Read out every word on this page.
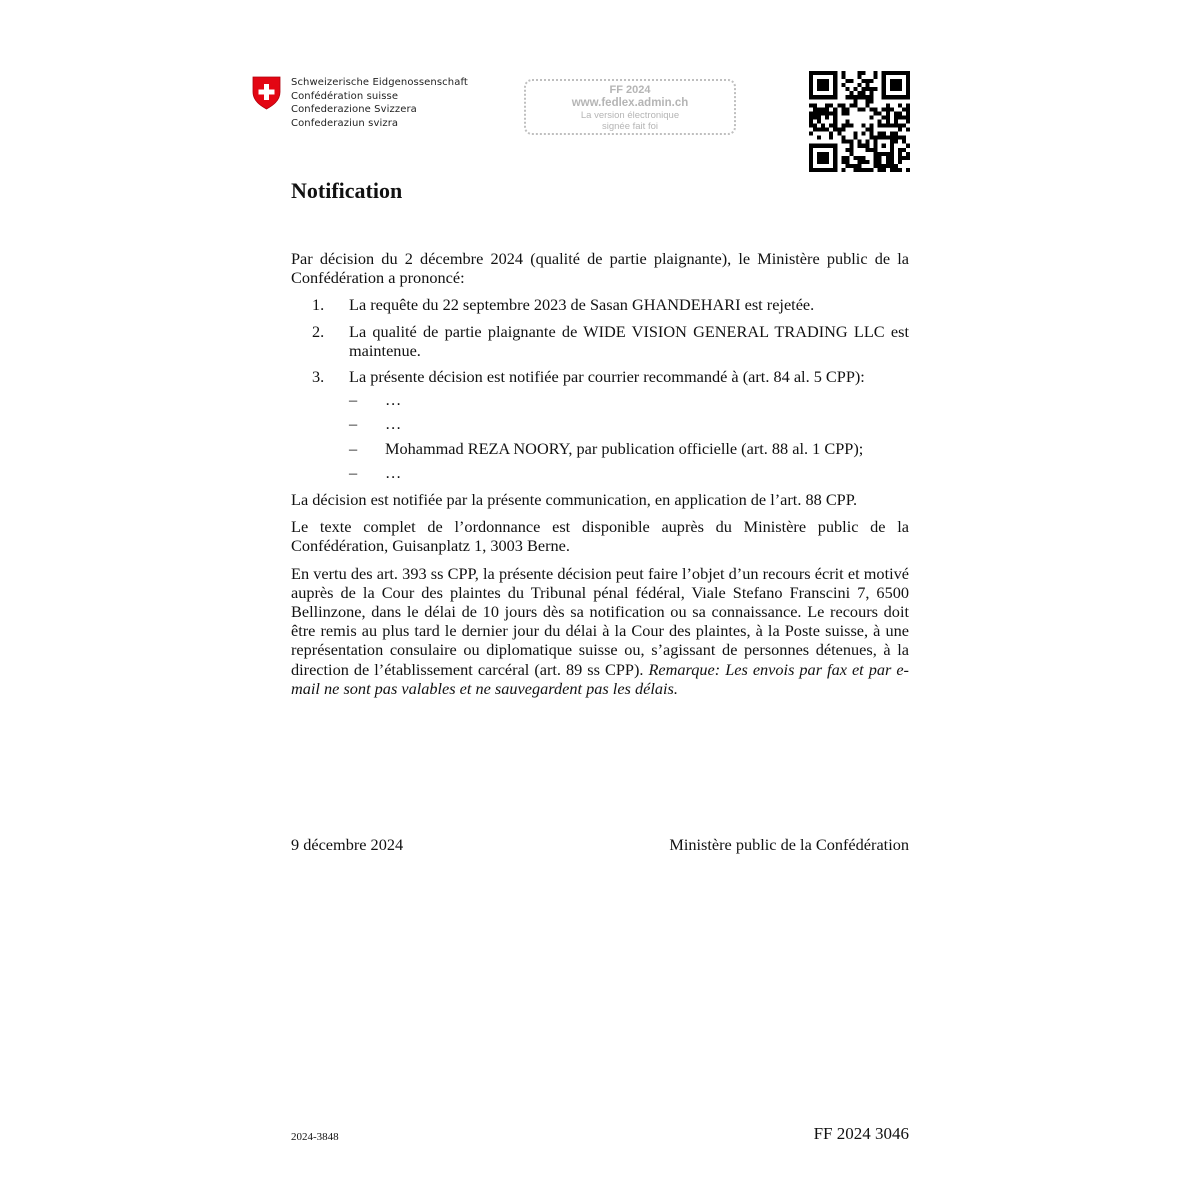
Schweizerische Eidgenossenschaft
Confédération suisse
Confederazione Svizzera
Confederaziun svizra
FF 2024
www.fedlex.admin.ch
La version électronique
signée fait foi
Notification

Par décision du 2 décembre 2024 (qualité de partie plaignante), le Ministère public de la Confédération a prononcé:

1. La requête du 22 septembre 2023 de Sasan GHANDEHARI est rejetée.
2. La qualité de partie plaignante de WIDE VISION GENERAL TRADING LLC est maintenue.
3. La présente décision est notifiée par courrier recommandé à (art. 84 al. 5 CPP):
– …
– …
– Mohammad REZA NOORY, par publication officielle (art. 88 al. 1 CPP);
– …

La décision est notifiée par la présente communication, en application de l’art. 88 CPP.

Le texte complet de l’ordonnance est disponible auprès du Ministère public de la Confédération, Guisanplatz 1, 3003 Berne.

En vertu des art. 393 ss CPP, la présente décision peut faire l’objet d’un recours écrit et motivé auprès de la Cour des plaintes du Tribunal pénal fédéral, Viale Stefano Franscini 7, 6500 Bellinzone, dans le délai de 10 jours dès sa notification ou sa connaissance. Le recours doit être remis au plus tard le dernier jour du délai à la Cour des plaintes, à la Poste suisse, à une représentation consulaire ou diplomatique suisse ou, s’agissant de personnes détenues, à la direction de l’établissement carcéral (art. 89 ss CPP). Remarque: Les envois par fax et par e-mail ne sont pas valables et ne sauvegardent pas les délais.

9 décembre 2024	Ministère public de la Confédération
2024-3848	FF 2024 3046
